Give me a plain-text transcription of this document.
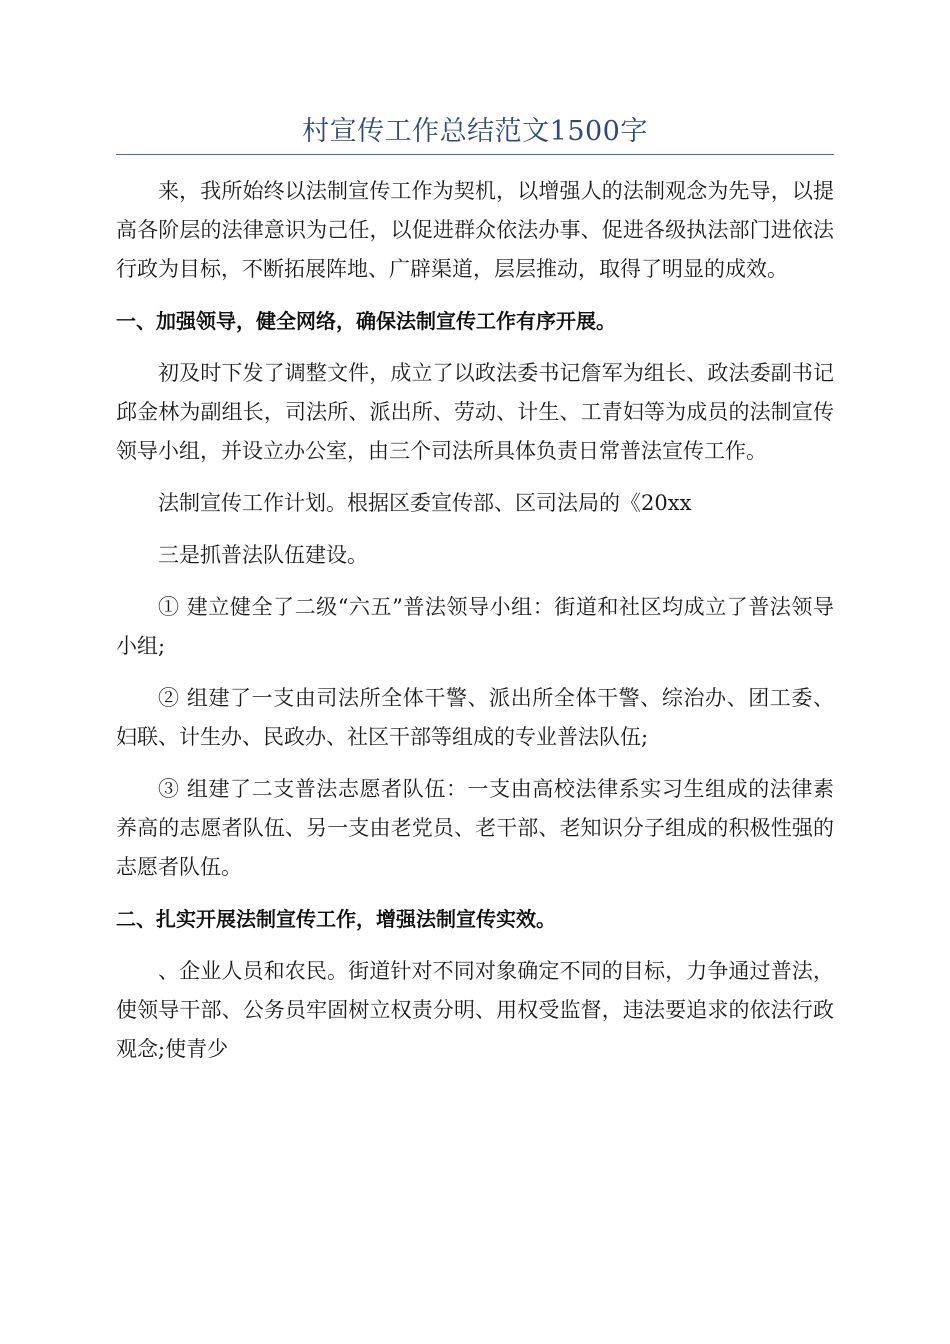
村宣传工作总结范文1500字

来，我所始终以法制宣传工作为契机，以增强人的法制观念为先导，以提高各阶层的法律意识为己任，以促进群众依法办事、促进各级执法部门进依法行政为目标，不断拓展阵地、广辟渠道，层层推动，取得了明显的成效。

一、加强领导，健全网络，确保法制宣传工作有序开展。

初及时下发了调整文件，成立了以政法委书记詹军为组长、政法委副书记邱金林为副组长，司法所、派出所、劳动、计生、工青妇等为成员的法制宣传领导小组，并设立办公室，由三个司法所具体负责日常普法宣传工作。

法制宣传工作计划。根据区委宣传部、区司法局的《20xx

三是抓普法队伍建设。

① 建立健全了二级“六五”普法领导小组：街道和社区均成立了普法领导小组;

② 组建了一支由司法所全体干警、派出所全体干警、综治办、团工委、妇联、计生办、民政办、社区干部等组成的专业普法队伍;

③ 组建了二支普法志愿者队伍：一支由高校法律系实习生组成的法律素养高的志愿者队伍、另一支由老党员、老干部、老知识分子组成的积极性强的志愿者队伍。

二、扎实开展法制宣传工作，增强法制宣传实效。

、企业人员和农民。街道针对不同对象确定不同的目标，力争通过普法，使领导干部、公务员牢固树立权责分明、用权受监督，违法要追求的依法行政观念;使青少
